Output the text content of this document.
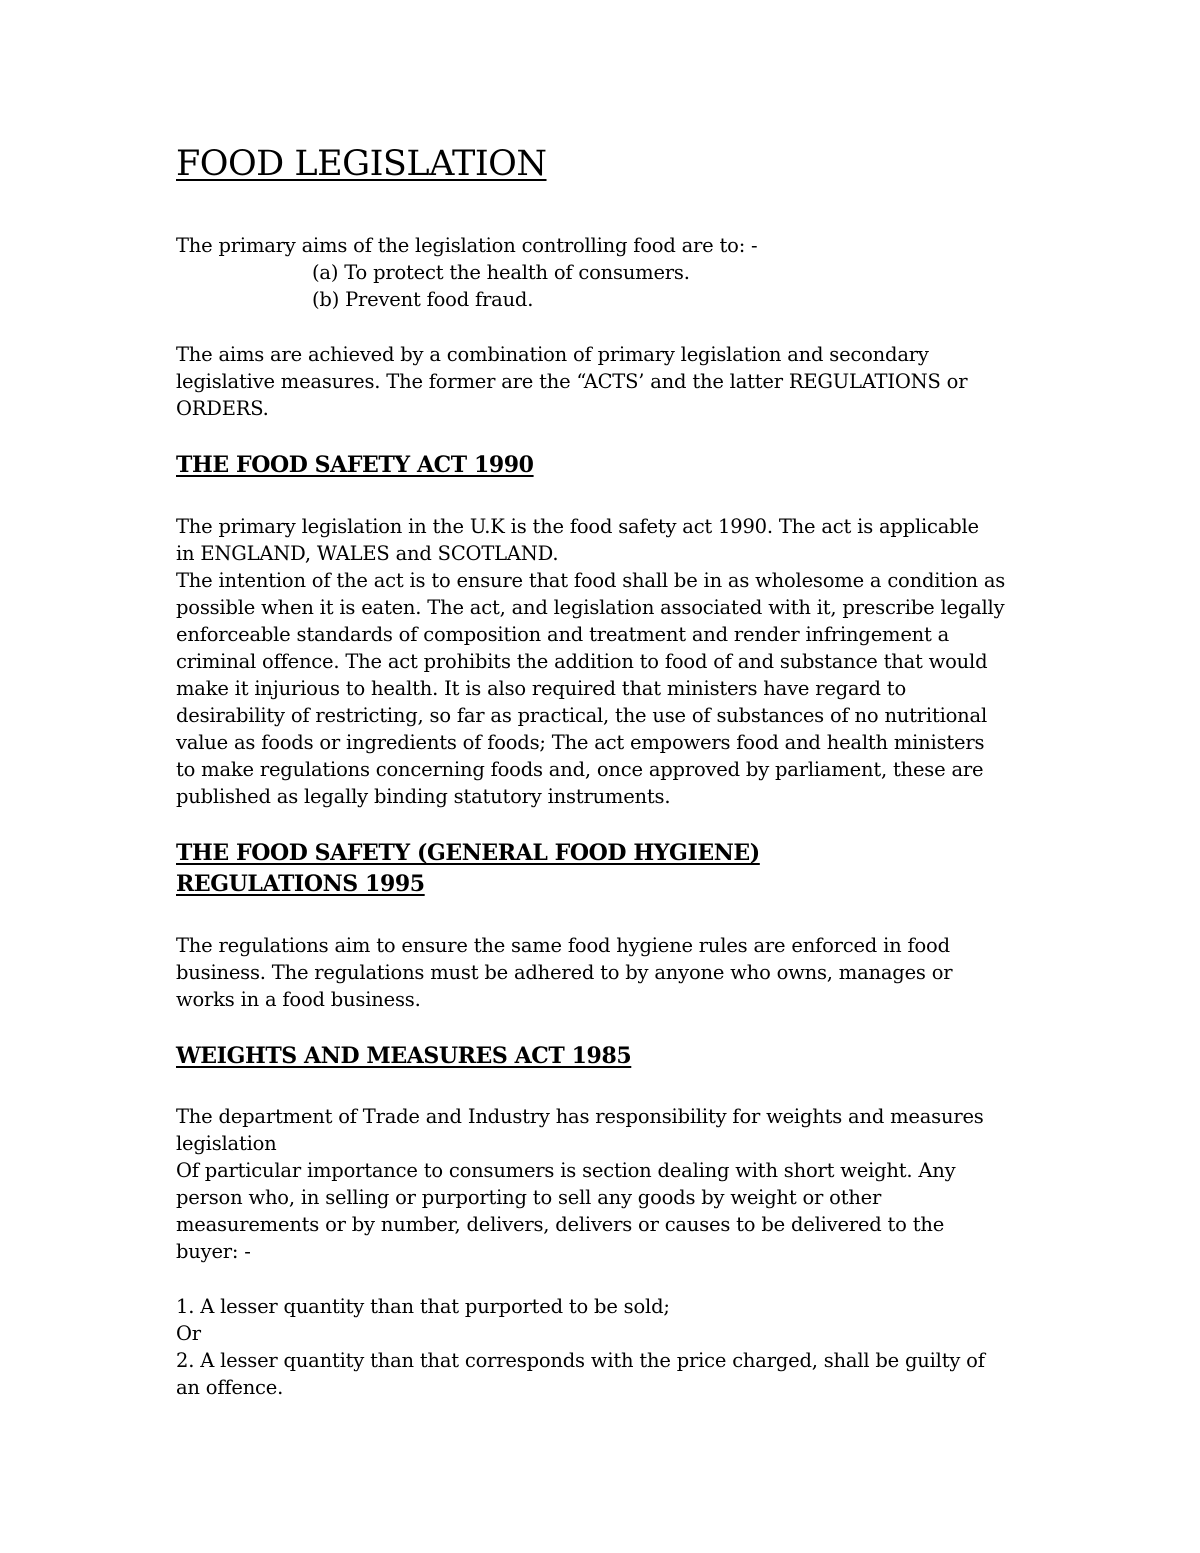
FOOD LEGISLATION
The primary aims of the legislation controlling food are to: -
(a) To protect the health of consumers.
(b) Prevent food fraud.
The aims are achieved by a combination of primary legislation and secondary
legislative measures. The former are the “ACTS’ and the latter REGULATIONS or
ORDERS.
THE FOOD SAFETY ACT 1990
The primary legislation in the U.K is the food safety act 1990. The act is applicable
in ENGLAND, WALES and SCOTLAND.
The intention of the act is to ensure that food shall be in as wholesome a condition as
possible when it is eaten. The act, and legislation associated with it, prescribe legally
enforceable standards of composition and treatment and render infringement a
criminal offence. The act prohibits the addition to food of and substance that would
make it injurious to health. It is also required that ministers have regard to
desirability of restricting, so far as practical, the use of substances of no nutritional
value as foods or ingredients of foods; The act empowers food and health ministers
to make regulations concerning foods and, once approved by parliament, these are
published as legally binding statutory instruments.
THE FOOD SAFETY (GENERAL FOOD HYGIENE)
REGULATIONS 1995
The regulations aim to ensure the same food hygiene rules are enforced in food
business. The regulations must be adhered to by anyone who owns, manages or
works in a food business.
WEIGHTS AND MEASURES ACT 1985
The department of Trade and Industry has responsibility for weights and measures
legislation
Of particular importance to consumers is section dealing with short weight. Any
person who, in selling or purporting to sell any goods by weight or other
measurements or by number, delivers, delivers or causes to be delivered to the
buyer: -
1. A lesser quantity than that purported to be sold;
Or
2. A lesser quantity than that corresponds with the price charged, shall be guilty of
an offence.
